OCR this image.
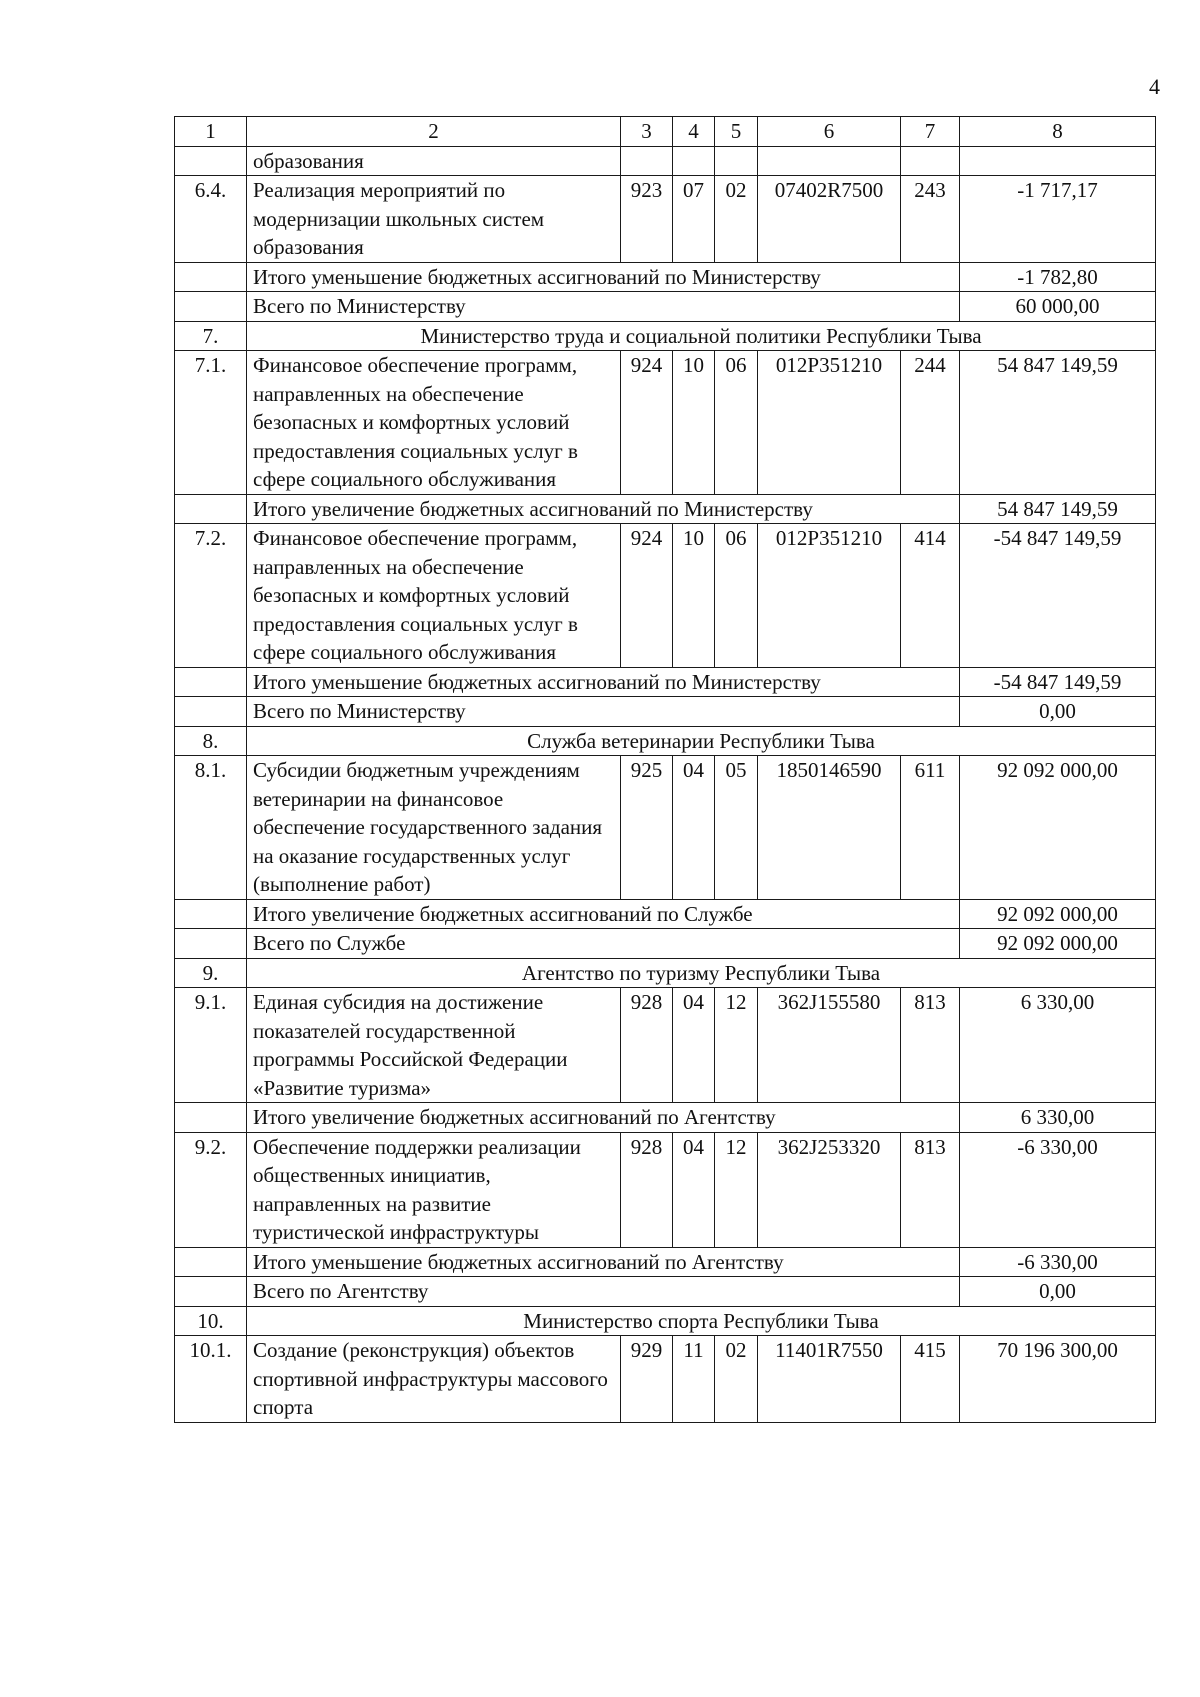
4
1	2	3	4	5	6	7	8
	образования						
6.4.	Реализация мероприятий по модернизации школьных систем образования	923	07	02	07402R7500	243	-1 717,17
	Итого уменьшение бюджетных ассигнований по Министерству						-1 782,80
	Всего по Министерству						60 000,00
7.	Министерство труда и социальной политики Республики Тыва						
7.1.	Финансовое обеспечение программ, направленных на обеспечение безопасных и комфортных условий предоставления социальных услуг в сфере социального обслуживания	924	10	06	012P351210	244	54 847 149,59
	Итого увеличение бюджетных ассигнований по Министерству						54 847 149,59
7.2.	Финансовое обеспечение программ, направленных на обеспечение безопасных и комфортных условий предоставления социальных услуг в сфере социального обслуживания	924	10	06	012P351210	414	-54 847 149,59
	Итого уменьшение бюджетных ассигнований по Министерству						-54 847 149,59
	Всего по Министерству						0,00
8.	Служба ветеринарии Республики Тыва						
8.1.	Субсидии бюджетным учреждениям ветеринарии на финансовое обеспечение государственного задания на оказание государственных услуг (выполнение работ)	925	04	05	1850146590	611	92 092 000,00
	Итого увеличение бюджетных ассигнований по Службе						92 092 000,00
	Всего по Службе						92 092 000,00
9.	Агентство по туризму Республики Тыва						
9.1.	Единая субсидия на достижение показателей государственной программы Российской Федерации «Развитие туризма»	928	04	12	362J155580	813	6 330,00
	Итого увеличение бюджетных ассигнований по Агентству						6 330,00
9.2.	Обеспечение поддержки реализации общественных инициатив, направленных на развитие туристической инфраструктуры	928	04	12	362J253320	813	-6 330,00
	Итого уменьшение бюджетных ассигнований по Агентству						-6 330,00
	Всего по Агентству						0,00
10.	Министерство спорта Республики Тыва						
10.1.	Создание (реконструкция) объектов спортивной инфраструктуры массового спорта	929	11	02	11401R7550	415	70 196 300,00
